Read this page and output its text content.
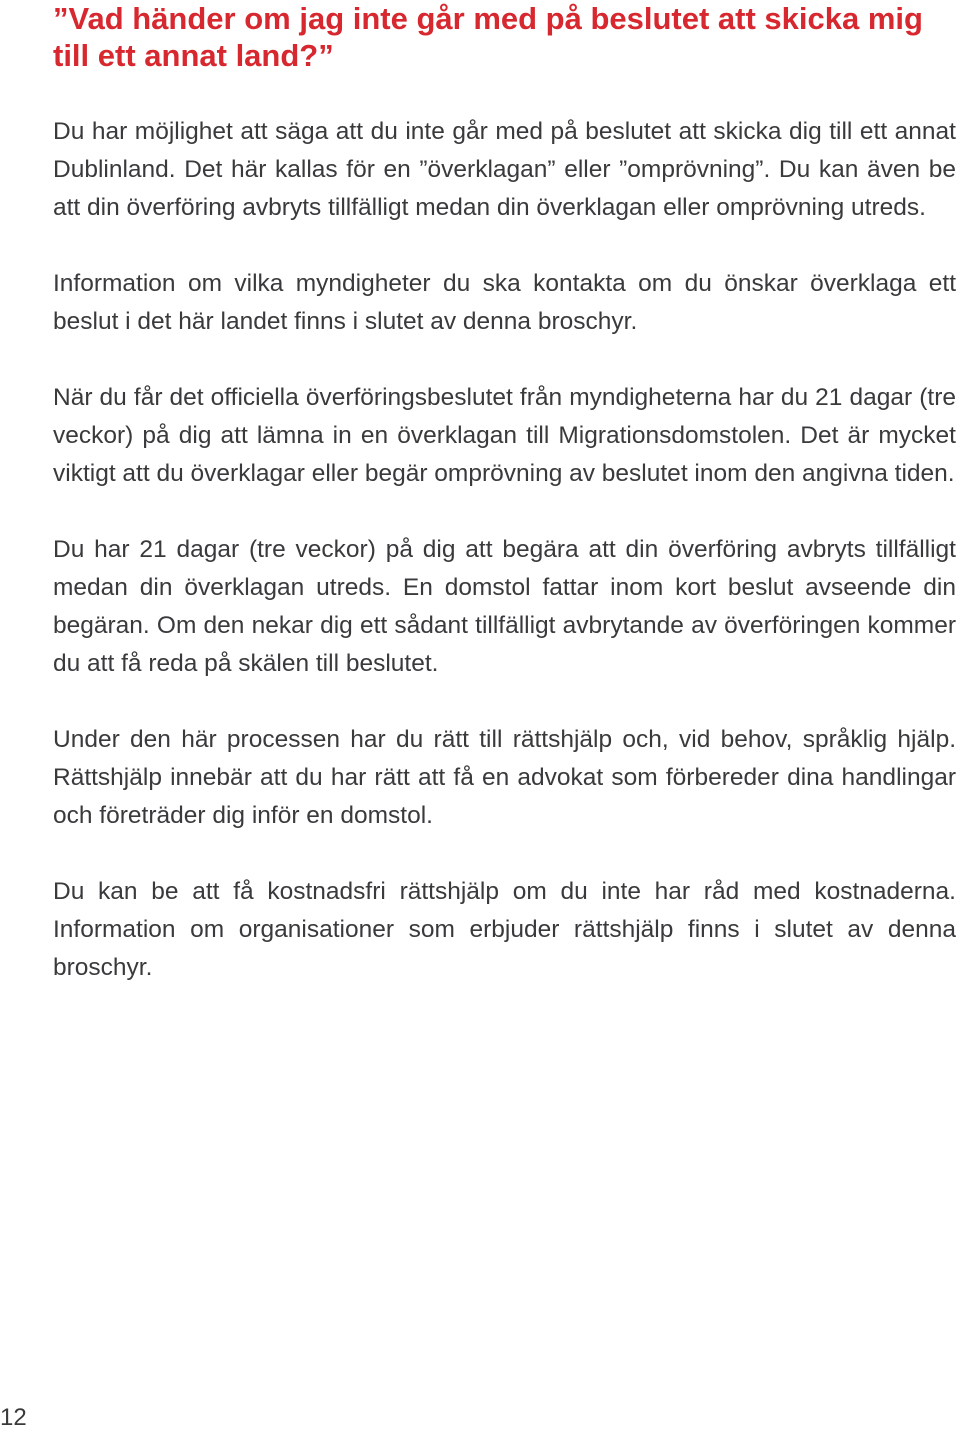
”Vad händer om jag inte går med på beslutet att skicka mig till ett annat land?”

Du har möjlighet att säga att du inte går med på beslutet att skicka dig till ett annat Dublinland. Det här kallas för en ”överklagan” eller ”omprövning”. Du kan även be att din överföring avbryts tillfälligt medan din överklagan eller omprövning utreds.

Information om vilka myndigheter du ska kontakta om du önskar överklaga ett beslut i det här landet finns i slutet av denna broschyr.

När du får det officiella överföringsbeslutet från myndigheterna har du 21 dagar (tre veckor) på dig att lämna in en överklagan till Migrationsdomstolen. Det är mycket viktigt att du överklagar eller begär omprövning av beslutet inom den angivna tiden.

Du har 21 dagar (tre veckor) på dig att begära att din överföring avbryts tillfälligt medan din överklagan utreds. En domstol fattar inom kort beslut avseende din begäran. Om den nekar dig ett sådant tillfälligt avbrytande av överföringen kommer du att få reda på skälen till beslutet.

Under den här processen har du rätt till rättshjälp och, vid behov, språklig hjälp. Rättshjälp innebär att du har rätt att få en advokat som förbereder dina handlingar och företräder dig inför en domstol.

Du kan be att få kostnadsfri rättshjälp om du inte har råd med kostnaderna. Information om organisationer som erbjuder rättshjälp finns i slutet av denna broschyr.

12
